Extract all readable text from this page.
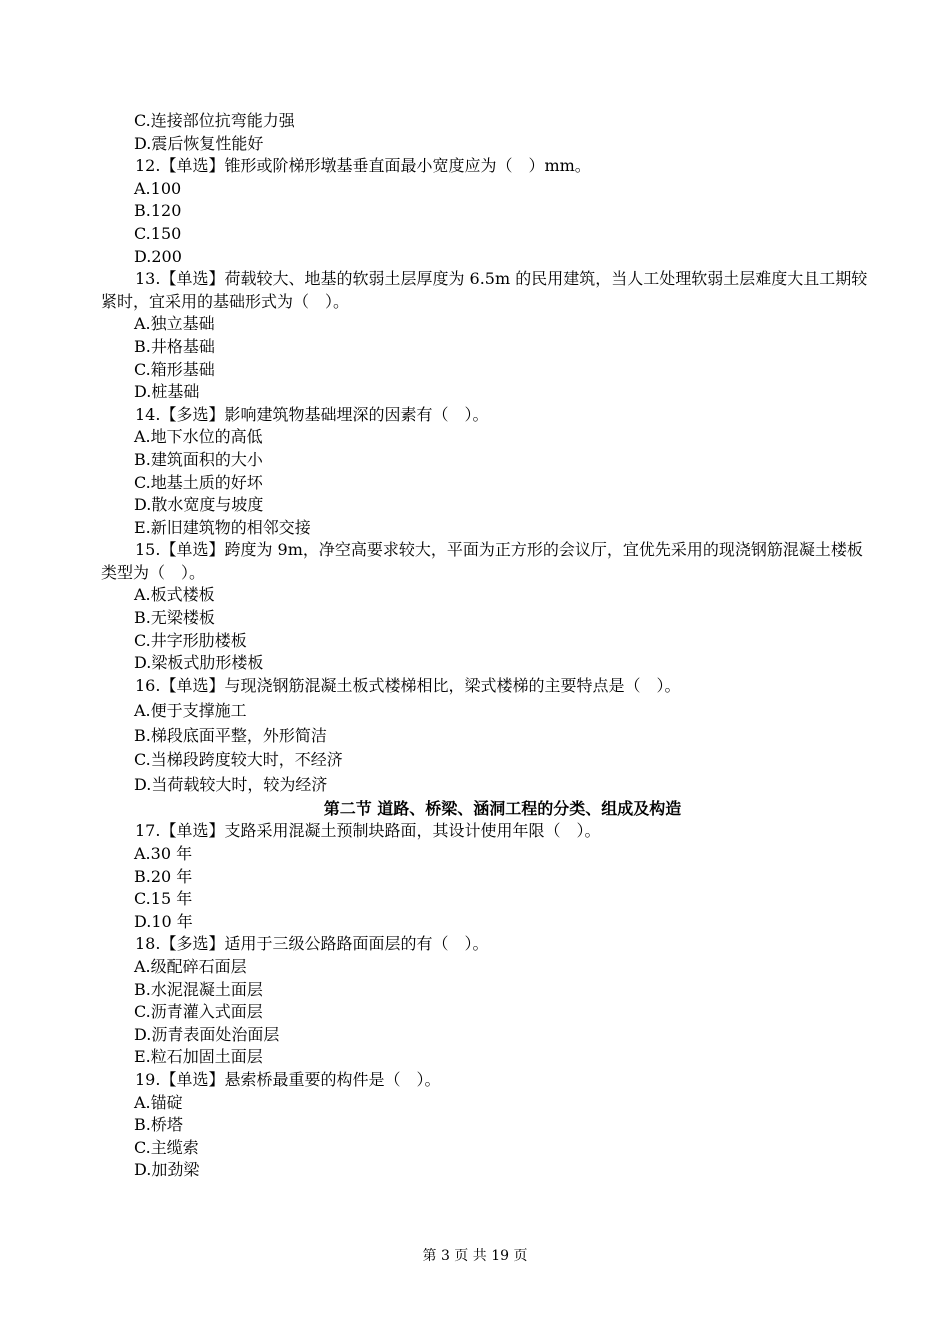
C.连接部位抗弯能力强
D.震后恢复性能好
12.【单选】锥形或阶梯形墩基垂直面最小宽度应为（　）mm。
A.100
B.120
C.150
D.200
13.【单选】荷载较大、地基的软弱土层厚度为 6.5m 的民用建筑，当人工处理软弱土层难度大且工期较紧时，宜采用的基础形式为（　）。
A.独立基础
B.井格基础
C.箱形基础
D.桩基础
14.【多选】影响建筑物基础埋深的因素有（　）。
A.地下水位的高低
B.建筑面积的大小
C.地基土质的好坏
D.散水宽度与坡度
E.新旧建筑物的相邻交接
15.【单选】跨度为 9m，净空高要求较大，平面为正方形的会议厅，宜优先采用的现浇钢筋混凝土楼板类型为（　）。
A.板式楼板
B.无梁楼板
C.井字形肋楼板
D.梁板式肋形楼板
16.【单选】与现浇钢筋混凝土板式楼梯相比，梁式楼梯的主要特点是（　）。
A.便于支撑施工
B.梯段底面平整，外形简洁
C.当梯段跨度较大时，不经济
D.当荷载较大时，较为经济
第二节 道路、桥梁、涵洞工程的分类、组成及构造
17.【单选】支路采用混凝土预制块路面，其设计使用年限（　）。
A.30 年
B.20 年
C.15 年
D.10 年
18.【多选】适用于三级公路路面面层的有（　）。
A.级配碎石面层
B.水泥混凝土面层
C.沥青灌入式面层
D.沥青表面处治面层
E.粒石加固土面层
19.【单选】悬索桥最重要的构件是（　）。
A.锚碇
B.桥塔
C.主缆索
D.加劲梁
第 3 页 共 19 页
